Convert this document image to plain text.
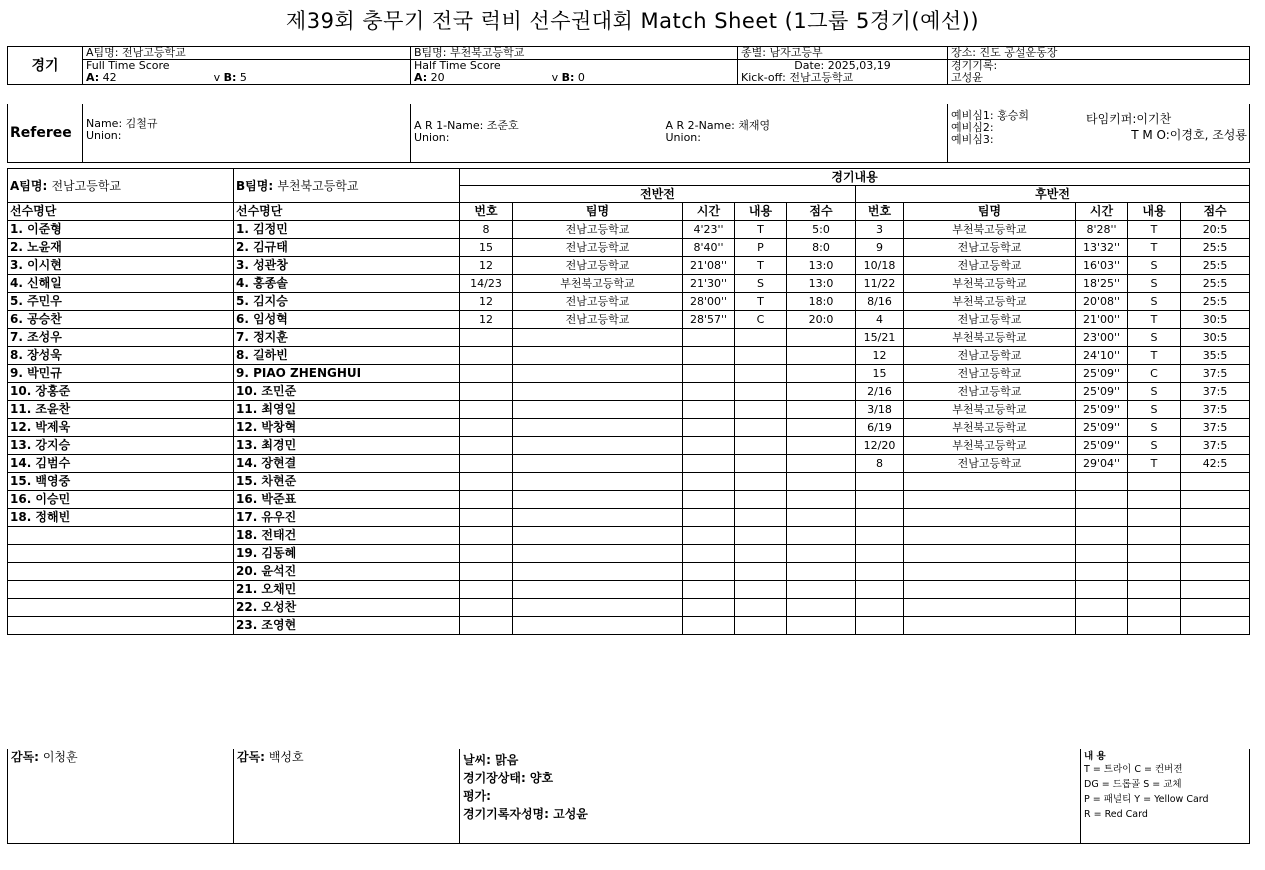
제39회 충무기 전국 럭비 선수권대회 Match Sheet (1그룹 5경기(예선))
경기	A팀명: 전남고등학교	B팀명: 부천북고등학교	종별: 남자고등부	장소: 진도 공설운동장
	Full Time Score	Half Time Score	Date: 2025,03,19	경기기록:
	A: 42 v B: 5	A: 20 v B: 0	Kick-off: 전남고등학교	고성윤
Referee	
Name: 김철규
Union:

A R 1-Name: 조준호
Union:

A R 2-Name: 채재영
Union:

예비심1: 홍승희
예비심2:
예비심3:
타임키퍼:이기찬
T M O:이경호, 조성룡
A팀명: 전남고등학교	B팀명: 부천북고등학교	경기내용									
		전반전					후반전				
선수명단	선수명단	번호	팀명	시간	내용	점수	번호	팀명	시간	내용	점수
1. 이준형	1. 김정민	8	전남고등학교	4'23''	T	5:0	3	부천북고등학교	8'28''	T	20:5
2. 노윤재	2. 김규태	15	전남고등학교	8'40''	P	8:0	9	전남고등학교	13'32''	T	25:5
3. 이시현	3. 성관창	12	전남고등학교	21'08''	T	13:0	10/18	전남고등학교	16'03''	S	25:5
4. 신해일	4. 홍종솔	14/23	부천북고등학교	21'30''	S	13:0	11/22	부천북고등학교	18'25''	S	25:5
5. 주민우	5. 김지승	12	전남고등학교	28'00''	T	18:0	8/16	부천북고등학교	20'08''	S	25:5
6. 공승찬	6. 임성혁	12	전남고등학교	28'57''	C	20:0	4	전남고등학교	21'00''	T	30:5
7. 조성우	7. 정지훈						15/21	부천북고등학교	23'00''	S	30:5
8. 장성욱	8. 길하빈						12	전남고등학교	24'10''	T	35:5
9. 박민규	9. PIAO ZHENGHUI						15	전남고등학교	25'09''	C	37:5
10. 장홍준	10. 조민준						2/16	전남고등학교	25'09''	S	37:5
11. 조윤찬	11. 최영일						3/18	부천북고등학교	25'09''	S	37:5
12. 박제욱	12. 박창혁						6/19	부천북고등학교	25'09''	S	37:5
13. 강지승	13. 최경민						12/20	부천북고등학교	25'09''	S	37:5
14. 김범수	14. 장현결						8	전남고등학교	29'04''	T	42:5
15. 백영중	15. 차현준										
16. 이승민	16. 박준표										
18. 정해빈	17. 유우진										
	18. 전태건										
	19. 김동혜										
	20. 윤석진										
	21. 오채민										
	22. 오성찬										
	23. 조영현										
감독: 이청훈	감독: 백성호	날씨: 맑음
경기장상태: 양호
평가:
경기기록자성명: 고성윤

내 용
T = 트라이 C = 컨버젼
DG = 드롭골 S = 교체
P = 패널티 Y = Yellow Card
R = Red Card
